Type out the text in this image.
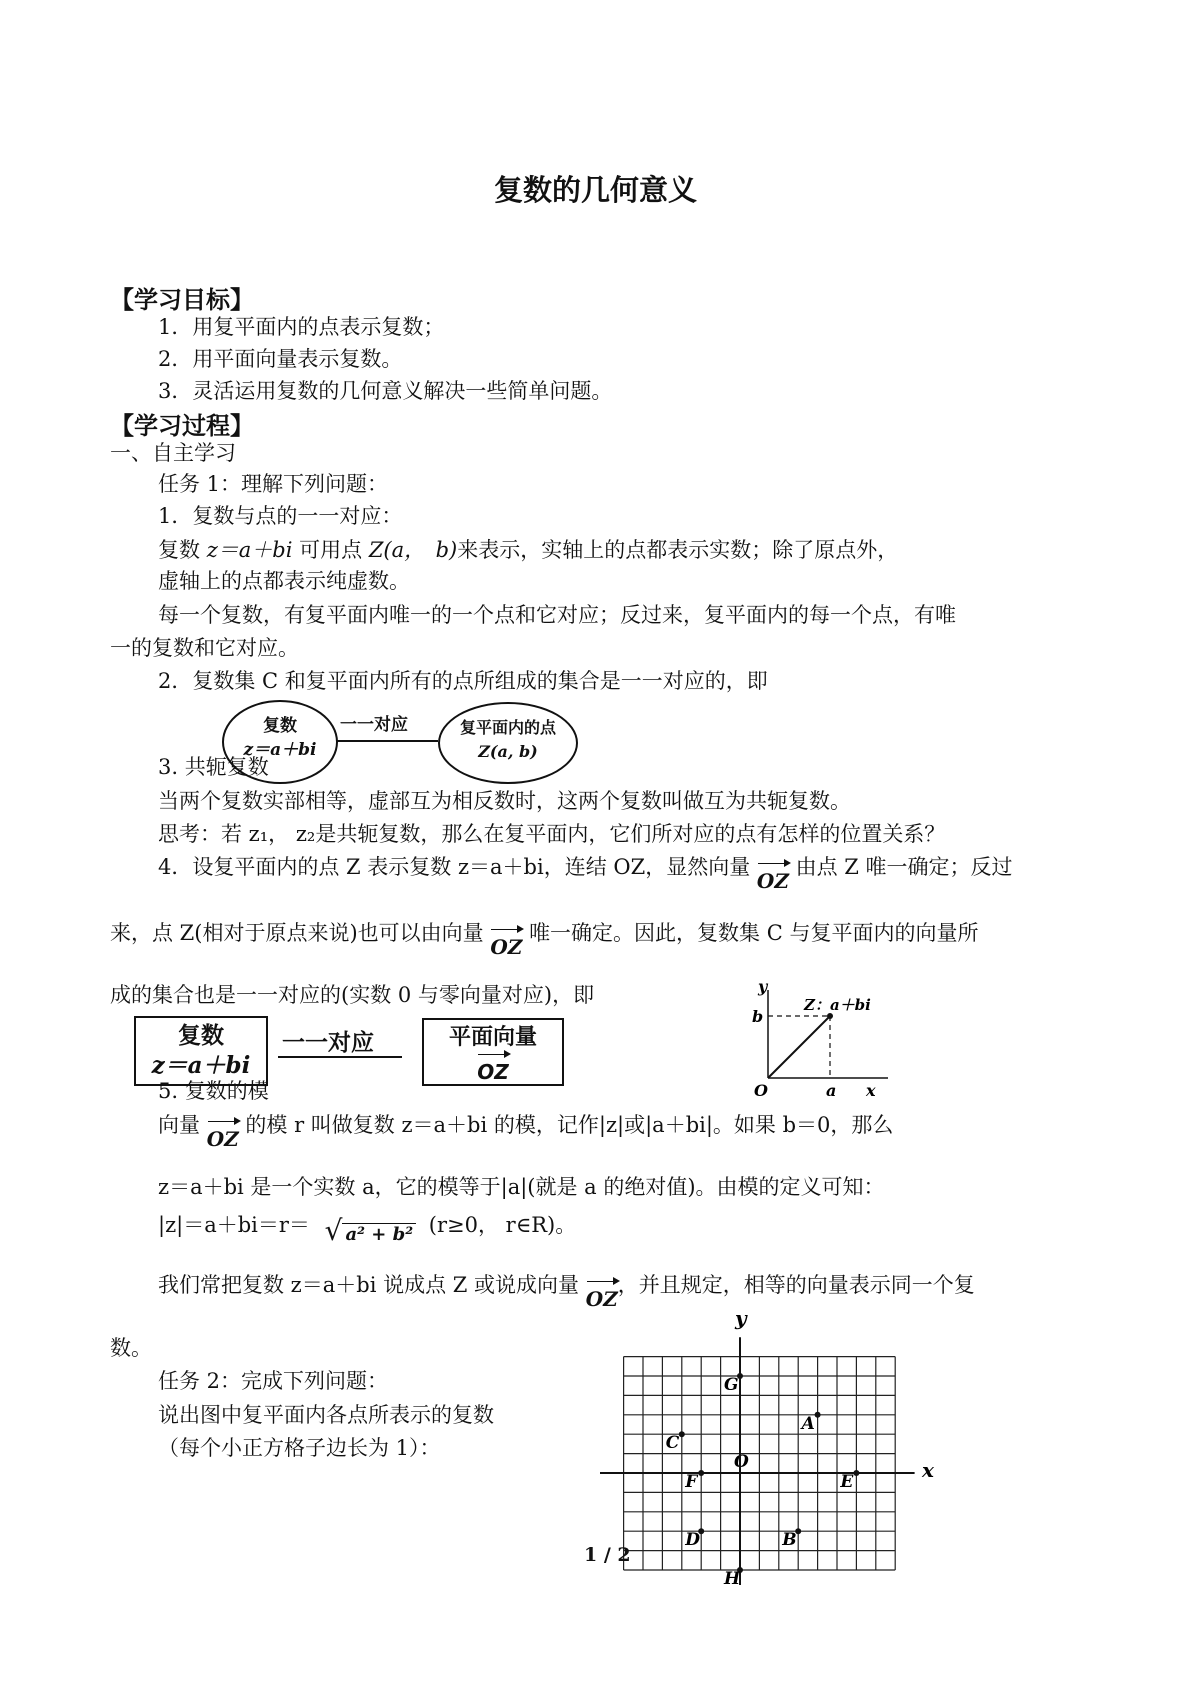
复数的几何意义
【学习目标】
1．用复平面内的点表示复数；
2．用平面向量表示复数。
3．灵活运用复数的几何意义解决一些简单问题。
【学习过程】
一、自主学习
任务 1：理解下列问题：
1．复数与点的一一对应：
复数 z＝a＋bi 可用点 Z(a，　b)来表示，实轴上的点都表示实数；除了原点外，
虚轴上的点都表示纯虚数。
每一个复数，有复平面内唯一的一个点和它对应；反过来，复平面内的每一个点，有唯
一的复数和它对应。
2．复数集 C 和复平面内所有的点所组成的集合是一一对应的，即
复数
z＝a＋bi
一一对应	复平面内的点
Z(a, b)
3. 共轭复数
当两个复数实部相等，虚部互为相反数时，这两个复数叫做互为共轭复数。
思考：若 z₁， z₂是共轭复数，那么在复平面内，它们所对应的点有怎样的位置关系？
4．设复平面内的点 Z 表示复数 z＝a＋bi，连结 OZ，显然向量 OZ 由点 Z 唯一确定；反过
来，点 Z(相对于原点来说)也可以由向量 OZ 唯一确定。因此，复数集 C 与复平面内的向量所
成的集合也是一一对应的(实数 0 与零向量对应)，即
复数
z＝a＋bi
一一对应	平面向量
OZ
y
b
O	a x
Z：a＋bi
5. 复数的模
向量 OZ 的模 r 叫做复数 z＝a＋bi 的模，记作|z|或|a＋bi|。如果 b＝0，那么
z＝a＋bi 是一个实数 a，它的模等于|a|(就是 a 的绝对值)。由模的定义可知：
|z|＝a＋bi＝r＝ √ a² + b² (r≥0， r∈R)。
我们常把复数 z＝a＋bi 说成点 Z 或说成向量 OZ，并且规定，相等的向量表示同一个复
数。
任务 2：完成下列问题：
说出图中复平面内各点所表示的复数
（每个小正方格子边长为 1）：
y
x
O
G
A
C
F	E
D	B
H
1 / 2
